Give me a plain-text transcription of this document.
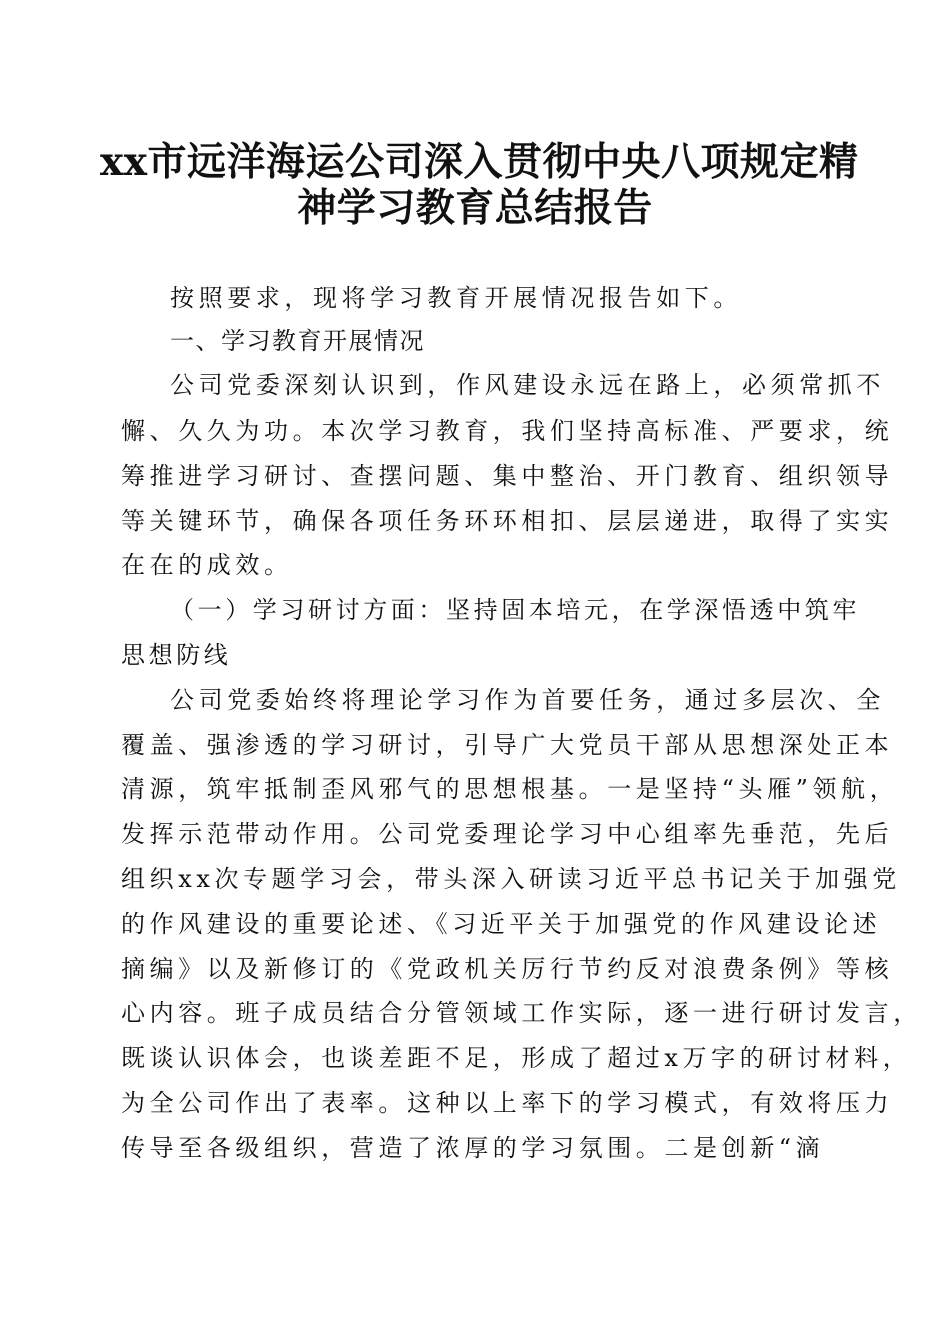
xx市远洋海运公司深入贯彻中央八项规定精
神学习教育总结报告
按照要求，现将学习教育开展情况报告如下。
一、学习教育开展情况
公司党委深刻认识到，作风建设永远在路上，必须常抓不
懈、久久为功。本次学习教育，我们坚持高标准、严要求，统
筹推进学习研讨、查摆问题、集中整治、开门教育、组织领导
等关键环节，确保各项任务环环相扣、层层递进，取得了实实
在在的成效。
（一）学习研讨方面：坚持固本培元，在学深悟透中筑牢
思想防线
公司党委始终将理论学习作为首要任务，通过多层次、全
覆盖、强渗透的学习研讨，引导广大党员干部从思想深处正本
清源，筑牢抵制歪风邪气的思想根基。一是坚持“头雁”领航，
发挥示范带动作用。公司党委理论学习中心组率先垂范，先后
组织xx次专题学习会，带头深入研读习近平总书记关于加强党
的作风建设的重要论述、《习近平关于加强党的作风建设论述
摘编》以及新修订的《党政机关厉行节约反对浪费条例》等核
心内容。班子成员结合分管领域工作实际，逐一进行研讨发言，
既谈认识体会，也谈差距不足，形成了超过x万字的研讨材料，
为全公司作出了表率。这种以上率下的学习模式，有效将压力
传导至各级组织，营造了浓厚的学习氛围。二是创新“滴
